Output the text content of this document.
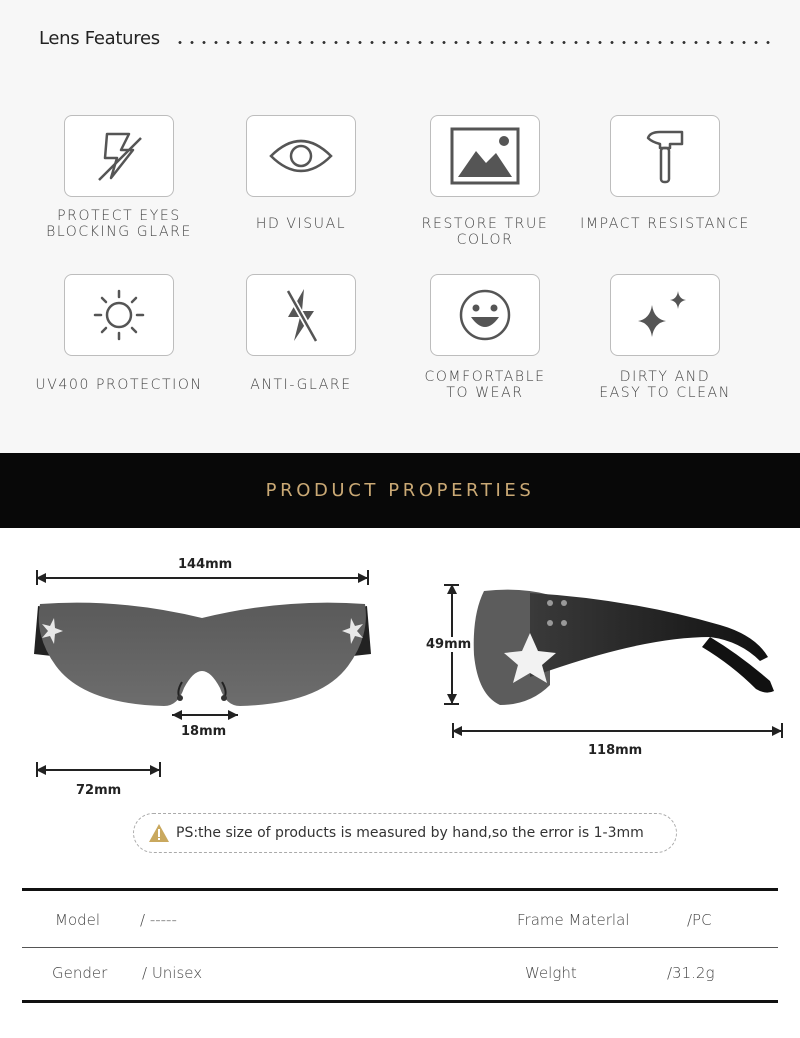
Lens Features
PROTECT EYES
BLOCKING GLARE	HD VISUAL	RESTORE TRUE COLOR
IMPACT RESISTANCE
UV400 PROTECTION	ANTI-GLARE	COMFORTABLE
TO WEAR
DIRTY AND
EASY TO CLEAN
PRODUCT PROPERTIES
144mm
18mm
72mm
49mm
118mm
PS:the size of products is measured by hand,so the error is 1-3mm
Model	/ -----	Frame Materlal	/PC
Gender / Unisex	Welght	/31.2g
